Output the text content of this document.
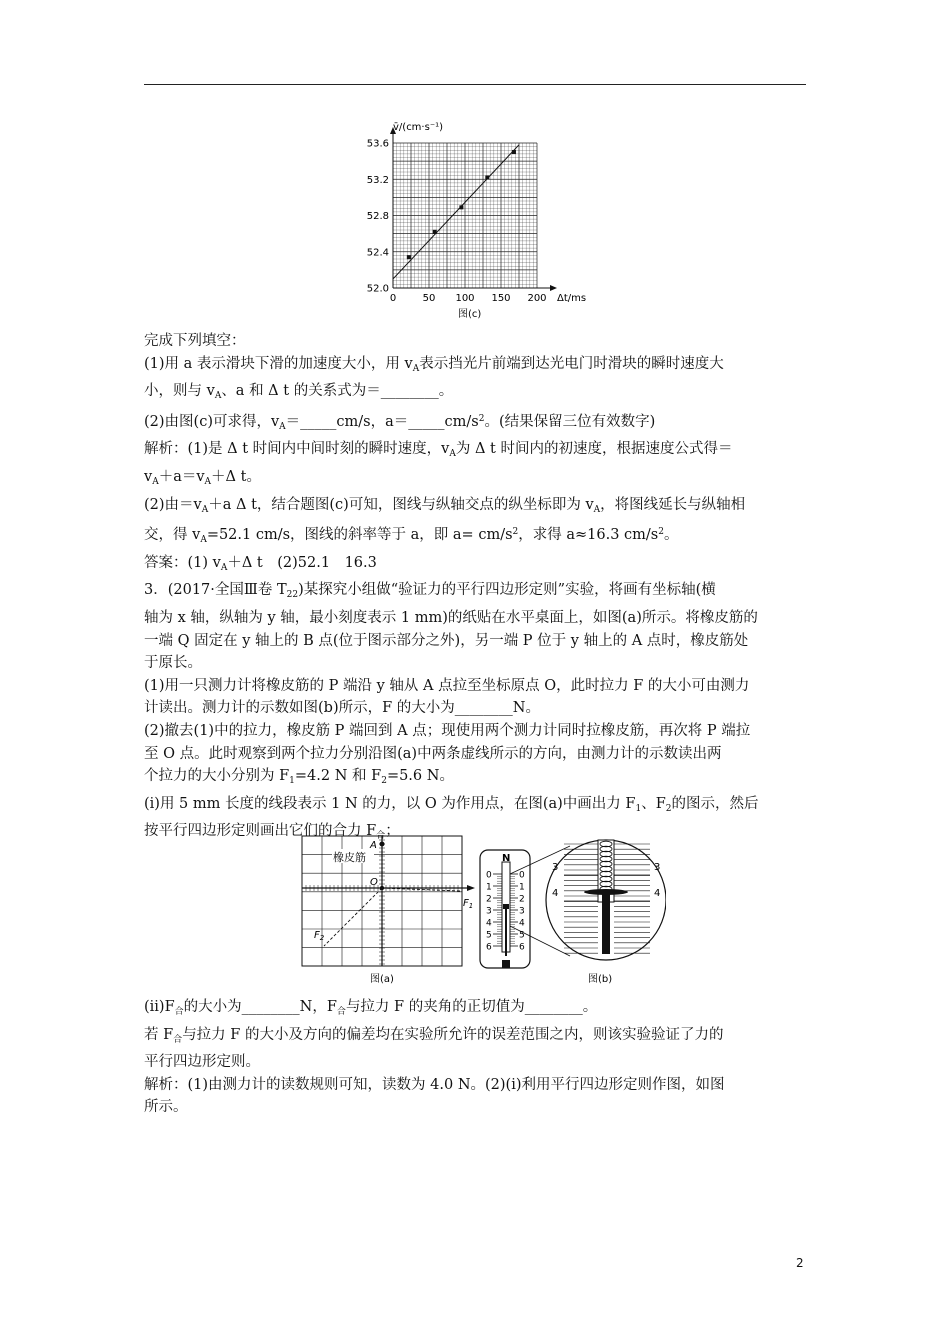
52.0
52.4
52.8
53.2
53.6
0	50 100 150 200
v̄/(cm·s⁻¹)
Δt/ms
图(c)

完成下列填空：

(1)用 a 表示滑块下滑的加速度大小，用 $v_A$表示挡光片前端到达光电门时滑块的瞬时速度大

小，则与 $v_A$、a 和 Δ t 的关系式为＝________。

(2)由图(c)可求得，$v_A=\_\_\_\_\_cm/s$，$a=\_\_\_\_\_cm/s^2$。(结果保留三位有效数字)

解析：(1)是 Δ t 时间内中间时刻的瞬时速度，$v_A$为 Δ t 时间内的初速度，根据速度公式得＝

$v_A+a=v_A+\Delta$ t。

(2)由$=v_A+a$ Δ t，结合题图(c)可知，图线与纵轴交点的纵坐标即为 $v_A$，将图线延长与纵轴相

交，得 $v_A=52.1$ cm/s，图线的斜率等于 a，即 $a= cm/s^2$，求得 a≈16.3 $cm/s^2$。

答案：(1) $v_A+\Delta$ t　(2)52.1　16.3

3．(2017·全国Ⅲ卷 $T_{22}$)某探究小组做“验证力的平行四边形定则”实验，将画有坐标轴(横

轴为 x 轴，纵轴为 y 轴，最小刻度表示 1 mm)的纸贴在水平桌面上，如图(a)所示。将橡皮筋的

一端 Q 固定在 y 轴上的 B 点(位于图示部分之外)，另一端 P 位于 y 轴上的 A 点时，橡皮筋处

于原长。

(1)用一只测力计将橡皮筋的 P 端沿 y 轴从 A 点拉至坐标原点 O，此时拉力 F 的大小可由测力

计读出。测力计的示数如图(b)所示，F 的大小为________N。

(2)撤去(1)中的拉力，橡皮筋 P 端回到 A 点；现使用两个测力计同时拉橡皮筋，再次将 P 端拉

至 O 点。此时观察到两个拉力分别沿图(a)中两条虚线所示的方向，由测力计的示数读出两

个拉力的大小分别为 $F_1=4.2$ N 和 $F_2=5.6$ N。

(ⅰ)用 5 mm 长度的线段表示 1 N 的力，以 O 为作用点，在图(a)中画出力 $F_1$、$F_2$的图示，然后

按平行四边形定则画出它们的合力 $F_合$；

橡皮筋
A
O
$F_1$
$F_2$
图(a)
N
0	0
1	1
2	2
3	3
4	4
5	5
6	6
3	3
4	4
图(b)

$(ⅱ)F_合$的大小为________N，$F_合$与拉力 F 的夹角的正切值为________。

若 $F_合$与拉力 F 的大小及方向的偏差均在实验所允许的误差范围之内，则该实验验证了力的

平行四边形定则。

解析：(1)由测力计的读数规则可知，读数为 4.0 N。(2)(ⅰ)利用平行四边形定则作图，如图

所示。

2
